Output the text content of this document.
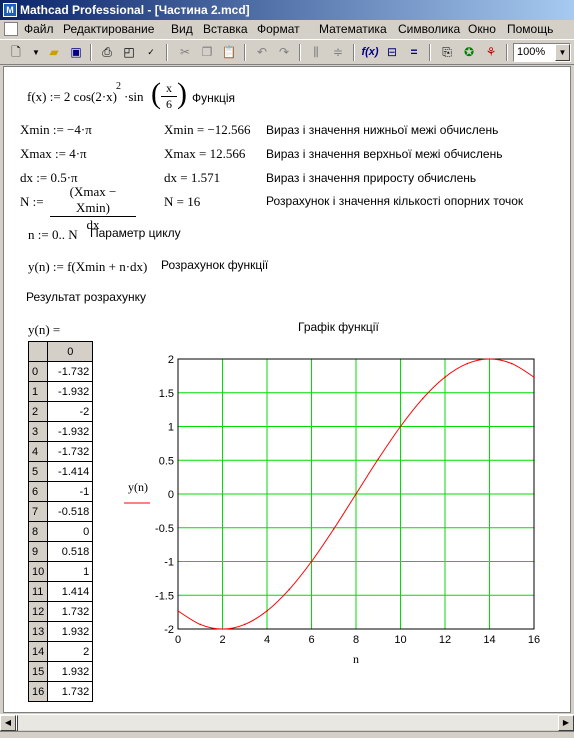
M Mathcad Professional - [Частина 2.mcd]
Файл Редактирование Вид Вставка Формат Математика Символика Окно Помощь
🗋	▼ ▰ ▣	⎙ ◰	✓	✂ ❐ 📋	↶ ↷	⫼	≑	f(x) ⊟	=	⎘	✪ ⚘	100%	▼
f(x) := 2 cos(2·x)
2
·sin ( $\frac{x}{6}$ ) Функція
Xmin := −4·π	Xmin = −12.566 Вираз і значення нижньої межі обчислень
Xmax := 4·π	Xmax = 12.566 Вираз і значення верхньої межі обчислень
dx := 0.5·π	dx = 1.571	Вираз і значення приросту обчислень
N :=
(Xmax − Xmin)
dx
N = 16	Розрахунок і значення кількості опорних точок
n := 0.. N Параметр циклу
y(n) := f(Xmin + n·dx) Розрахунок функції
Результат розрахунку
y(n) =
	0
0	-1.732
1	-1.932
2	-2
3	-1.932
4	-1.732
5	-1.414
6	-1
7	-0.518
8	0
9	0.518
10	1
11	1.414
12	1.732
13	1.932
14	2
15	1.932
16	1.732
Графік функції
0	2	4	6	8	10	12	14	16
2
1.5
1
0.5
0
-0.5
-1
-1.5
-2
n
y(n)
◀	▶
